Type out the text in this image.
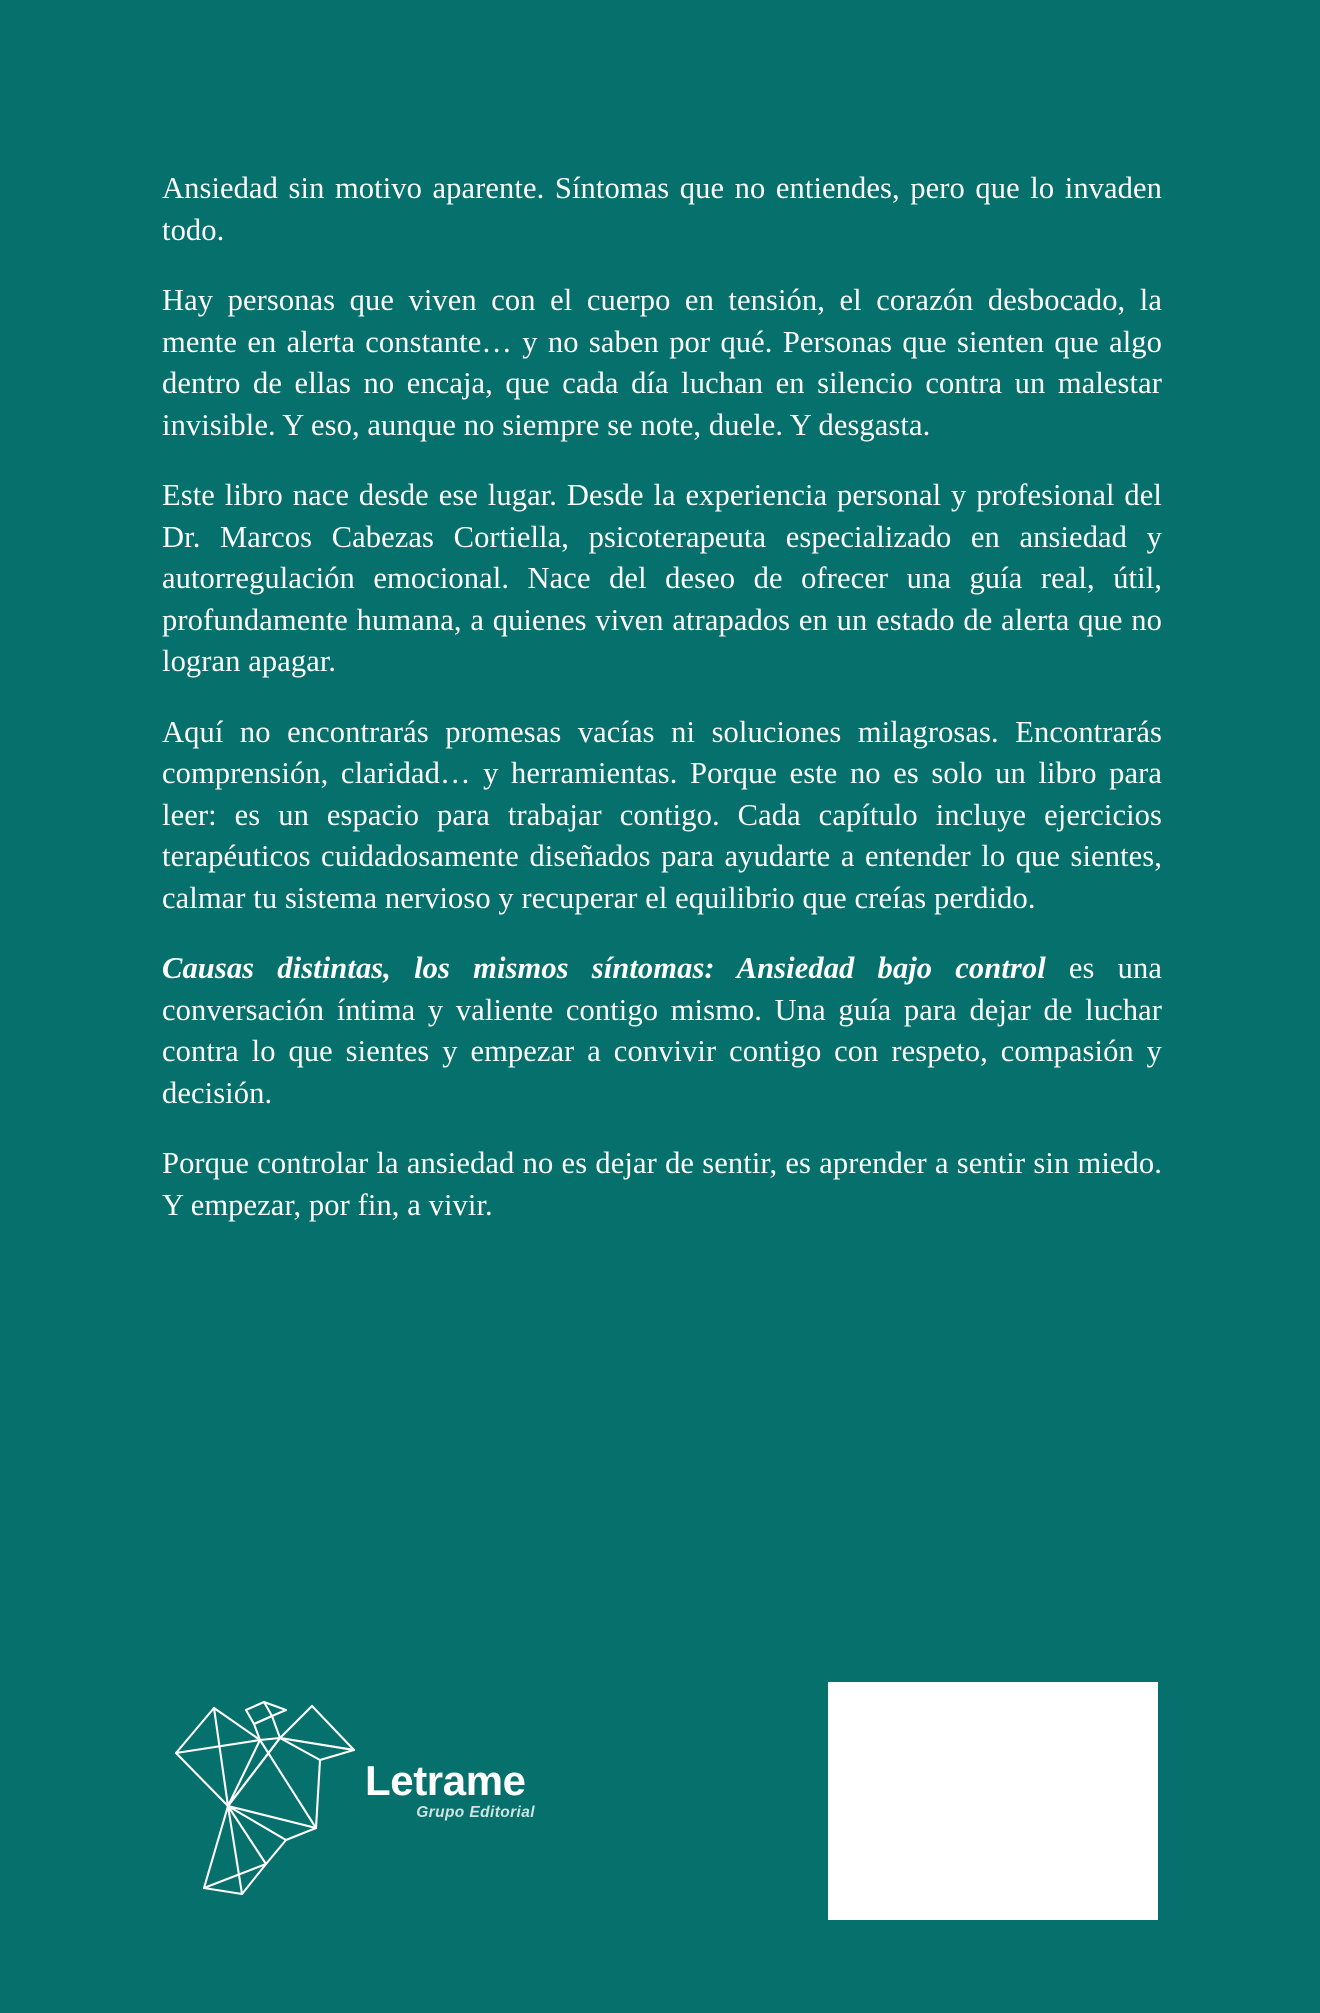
Ansiedad sin motivo aparente. Síntomas que no entiendes, pero que lo invaden todo.

Hay personas que viven con el cuerpo en tensión, el corazón desbocado, la mente en alerta constante… y no saben por qué. Personas que sienten que algo dentro de ellas no encaja, que cada día luchan en silencio contra un malestar invisible. Y eso, aunque no siempre se note, duele. Y desgasta.

Este libro nace desde ese lugar. Desde la experiencia personal y profesional del Dr. Marcos Cabezas Cortiella, psicoterapeuta especializado en ansiedad y autorregulación emocional. Nace del deseo de ofrecer una guía real, útil, profundamente humana, a quienes viven atrapados en un estado de alerta que no logran apagar.

Aquí no encontrarás promesas vacías ni soluciones milagrosas. Encontrarás comprensión, claridad… y herramientas. Porque este no es solo un libro para leer: es un espacio para trabajar contigo. Cada capítulo incluye ejercicios terapéuticos cuidadosamente diseñados para ayudarte a entender lo que sientes, calmar tu sistema nervioso y recuperar el equilibrio que creías perdido.

Causas distintas, los mismos síntomas: Ansiedad bajo control es una conversación íntima y valiente contigo mismo. Una guía para dejar de luchar contra lo que sientes y empezar a convivir contigo con respeto, compasión y decisión.

Porque controlar la ansiedad no es dejar de sentir, es aprender a sentir sin miedo. Y empezar, por fin, a vivir.

Letrame
Grupo Editorial
